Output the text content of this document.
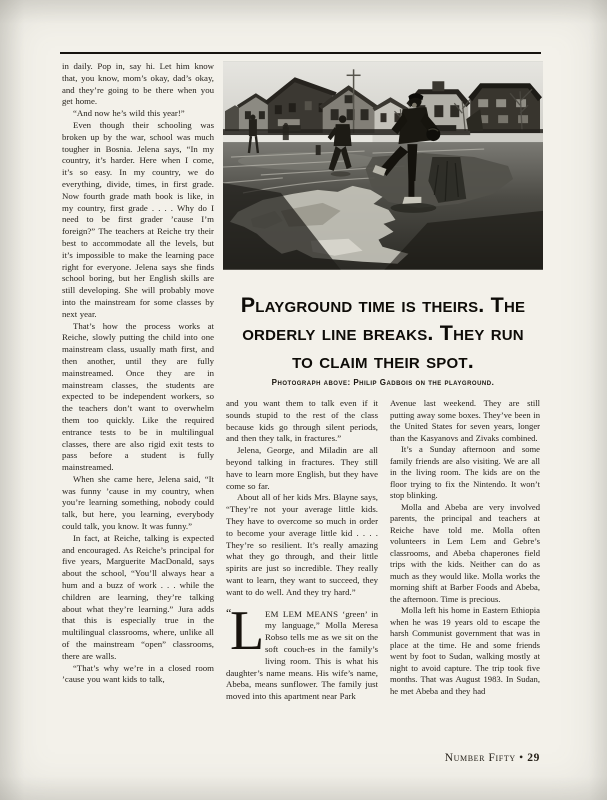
in daily. Pop in, say hi. Let him know that, you know, mom’s okay, dad’s okay, and they’re going to be there when you get home.

“And now he’s wild this year!”

Even though their schooling was broken up by the war, school was much tougher in Bosnia. Jelena says, “In my country, it’s harder. Here when I come, it’s so easy. In my country, we do everything, divide, times, in first grade. Now fourth grade math book is like, in my country, first grade . . . . Why do I need to be first grader ’cause I’m foreign?” The teachers at Reiche try their best to accommodate all the levels, but it’s impossible to make the learning pace right for everyone. Jelena says she finds school boring, but her English skills are still developing. She will probably move into the mainstream for some classes by next year.

That’s how the process works at Reiche, slowly putting the child into one mainstream class, usually math first, and then another, until they are fully mainstreamed. Once they are in mainstream classes, the students are expected to be independent workers, so the teachers don’t want to overwhelm them too quickly. Like the required entrance tests to be in multilingual classes, there are also rigid exit tests to pass before a student is fully mainstreamed.

When she came here, Jelena said, “It was funny ’cause in my country, when you’re learning something, nobody could talk, but here, you learning, everybody could talk, you know. It was funny.”

In fact, at Reiche, talking is expected and encouraged. As Reiche’s principal for five years, Marguerite MacDonald, says about the school, “You’ll always hear a hum and a buzz of work . . . while the children are learning, they’re talking about what they’re learning.” Jura adds that this is especially true in the multilingual classrooms, where, unlike all of the mainstream “open” classrooms, there are walls.

“That’s why we’re in a closed room ’cause you want kids to talk,

Playground time is theirs. The
orderly line breaks. They run
to claim their spot.
Photograph above: Philip Gadbois on the playground.

and you want them to talk even if it sounds stupid to the rest of the class because kids go through silent periods, and then they talk, in fractures.”

Jelena, George, and Miladin are all beyond talking in fractures. They still have to learn more English, but they have come so far.

About all of her kids Mrs. Blayne says, “They’re not your average little kids. They have to overcome so much in order to become your average little kid . . . . They’re so resilient. It’s really amazing what they go through, and their little spirits are just so incredible. They really want to learn, they want to succeed, they want to do well. And they try hard.”

“
L EM LEM MEANS ‘green’ in my language,” Molla Meresa Robso tells me as we sit on the soft couch-es in the family’s living room. This is what his daughter’s name means. His wife’s name, Abeba, means sunflower. The family just moved into this apartment near Park

Avenue last weekend. They are still putting away some boxes. They’ve been in the United States for seven years, longer than the Kasyanovs and Zivaks combined.

It’s a Sunday afternoon and some family friends are also visiting. We are all in the living room. The kids are on the floor trying to fix the Nintendo. It won’t stop blinking.

Molla and Abeba are very involved parents, the principal and teachers at Reiche have told me. Molla often volunteers in Lem Lem and Gebre’s classrooms, and Abeba chaperones field trips with the kids. Neither can do as much as they would like. Molla works the morning shift at Barber Foods and Abeba, the afternoon. Time is precious.

Molla left his home in Eastern Ethiopia when he was 19 years old to escape the harsh Communist government that was in place at the time. He and some friends went by foot to Sudan, walking mostly at night to avoid capture. The trip took five months. That was August 1983. In Sudan, he met Abeba and they had

Number Fifty • 29
